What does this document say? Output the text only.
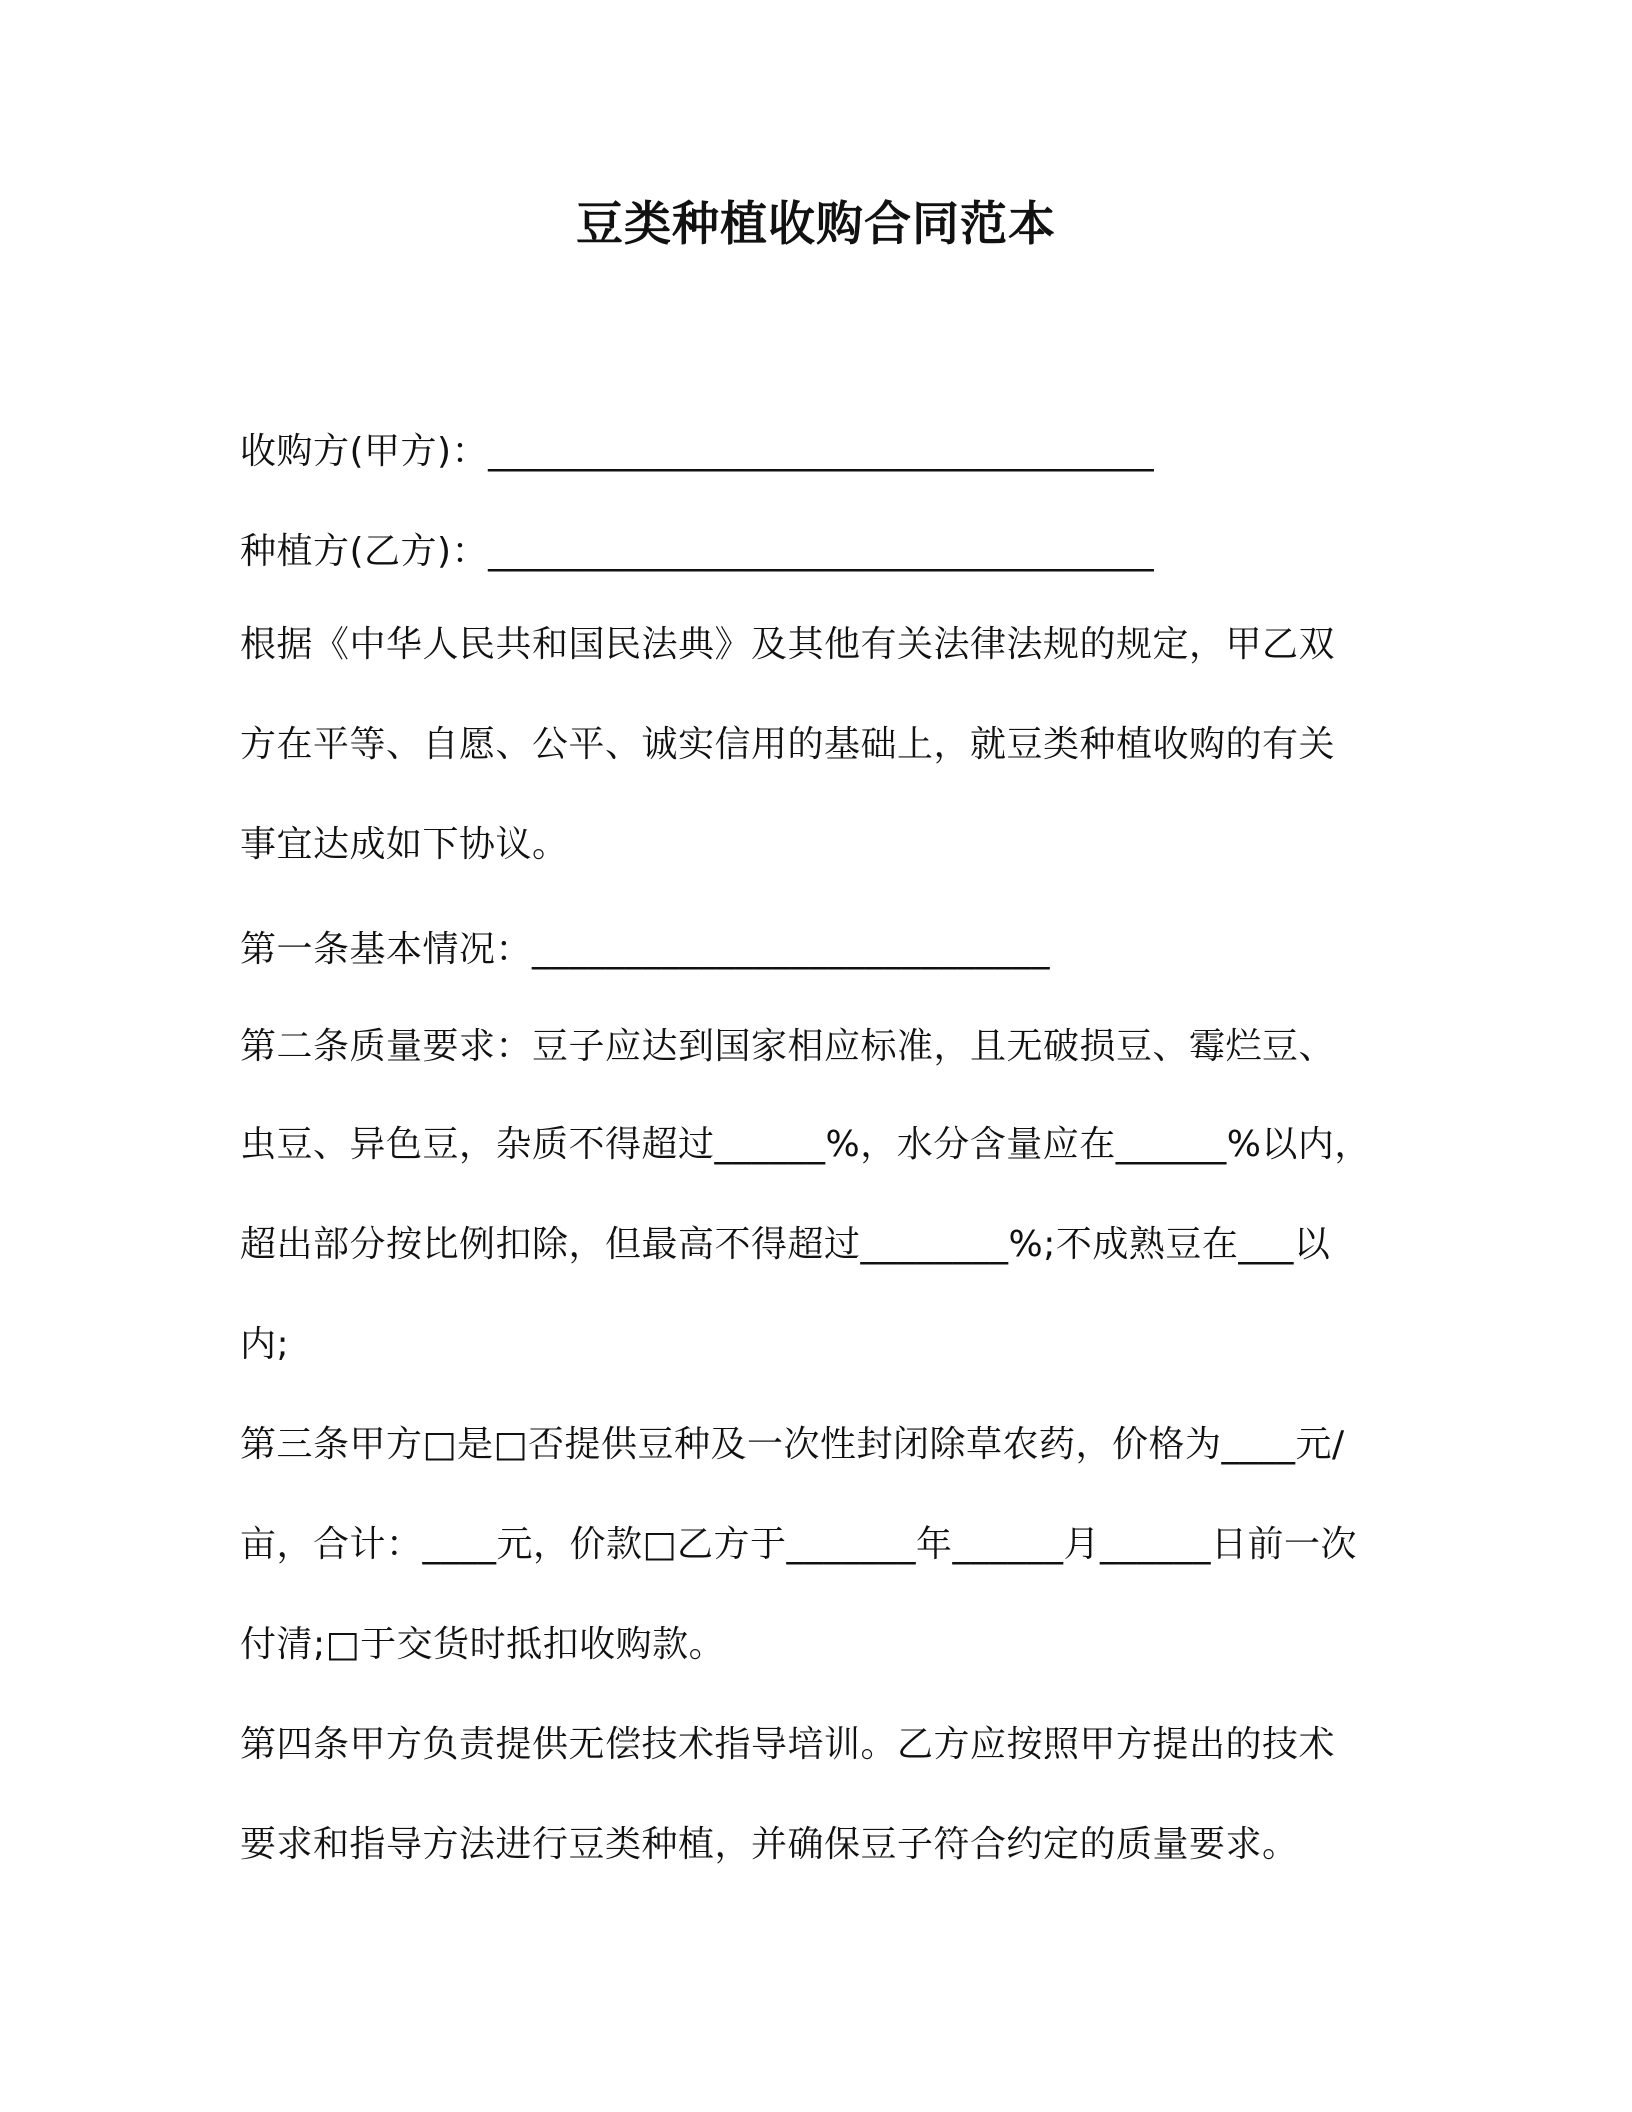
豆类种植收购合同范本
收购方(甲方)：____________________________________
种植方(乙方)：____________________________________
根据《中华人民共和国民法典》及其他有关法律法规的规定，甲乙双
方在平等、自愿、公平、诚实信用的基础上，就豆类种植收购的有关
事宜达成如下协议。
第一条基本情况：____________________________
第二条质量要求：豆子应达到国家相应标准，且无破损豆、霉烂豆、
虫豆、异色豆，杂质不得超过______%，水分含量应在______%以内，
超出部分按比例扣除，但最高不得超过________%;不成熟豆在___以
内;
第三条甲方□是□否提供豆种及一次性封闭除草农药，价格为____元/
亩，合计：____元，价款□乙方于_______年______月______日前一次
付清;□于交货时抵扣收购款。
第四条甲方负责提供无偿技术指导培训。乙方应按照甲方提出的技术
要求和指导方法进行豆类种植，并确保豆子符合约定的质量要求。
